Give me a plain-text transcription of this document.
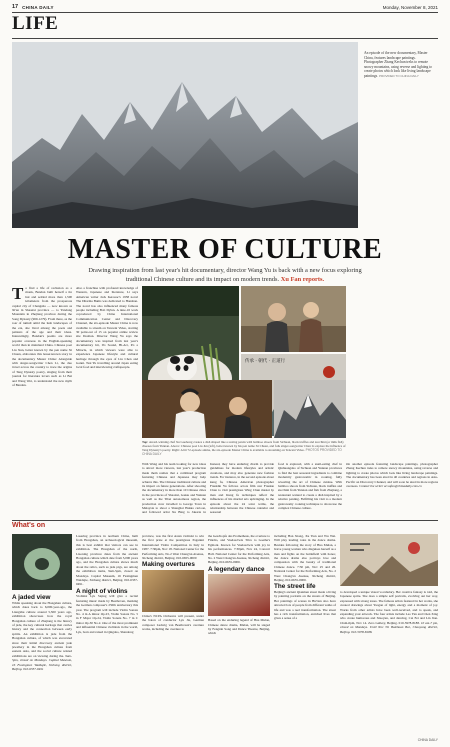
17 CHINA DAILY	Monday, November 8, 2021
LIFE
An episode of the new documentary, Master China, features landscape paintings. Photographer Zhang Kechun treks to remote snowy mountains, using reverse and lighting to create photos which look like living landscape paintings. PROVIDED TO CHINA DAILY
MASTER OF CULTURE
Drawing inspiration from last year's hit documentary, director Wang Yu is back with a new focus exploring traditional Chinese culture and its impact on modern trends. Xu Fan reports.
To find a life of reclusion as a monk, Bandan built herself a tin hut and settled more than 1,500 kilometers from the prosperous capital city of Changsha — now known as Xi'an in Shaanxi province — to Yandang Mountain in Zhejiang province during the Song Dynasty (960-1279). From there, as the roar of tumult amid the lush landscapes of the era, she lived among the poets and painters of the age and their ideas. Interestingly, Bandan's poems are more popular overseas in the English-speaking world than in mainland China. Chinese poet Liu Xun, better known by the pen name Xi Chuan, elaborates this lesser-known story in the documentary Master China: Alongside with singer-songwriter Chen Li, the duo travel across the country to trace the origins of Tang Dynasty poetry, singing from their journal for literature lovers such as Li Bai and Wang Wei, to understand the new myth of Bandan.
Also a franchise with profound knowledge of Western, Japanese and literature, Li says American writer Jack Kerouac's 1958 novel The Dharma Bums was dedicated to Hanshan. The novel has also influenced many famous people including Bob Dylan. A nine-16 work coproduced by China International Communication Center and Discovery Channel, the six-episode Master China is now available to stream on Tencent Video, starting 30 point-out of 15 on popular online review site Douban. Director Wang Yu says the documentary was inspired from last year's documentary hit, It's Sound, Hi-Art, It's a Miracle, in which viewers were able to experience Japanese lifestyle and cultural heritage through the eyes of Liu Chen and Ganni. Tsai Yu travelling around Japan eating local food and interviewing craftspeople.
传承 · 朝代 · 正道行
Top: Award-winning chef Xu Guohong creates a dish shaped like a resting panda with bamboo shoots from Sichuan, black truffles and zucchini (or milk fish) cheeses from Yunnan. Above: Chinese poet Liu Jun (left), better known by his pen name Xi Chuan, and folk singer-songwriter Chen Li explore the influence of Tang Dynasty's poetry. Right: A hit 72-episode anime, the six-episode Master China is available to streaming on Tencent Video. PHOTOS PROVIDED TO CHINA DAILY
With Wang and his team looking for new ideas to attract more viewers, last year's production made them realize that a combined program featuring Chinese and Japanese may help achieve this. The Chinese traditional culture and its impact on future generations. After shooting the documentary in more than 10 Chinese cities in the provinces of Shaanxi, Gansu and Yunnan as well as the Tibet autonomous region, the production crew travelled to George Town in Malaysia to shoot a Shanghai Hakka cartoon, and followed artist Xu Bing to Jakarta in
Instead, they have enduring charm to provide guidelines for modern lifestyles and artistic creations, and may also generate new fashion trends. For instance, in the second episode about kung fu, Chinese American photographer Franklin Yu follows actors film star Frankie Chan to visit prestigious Wing Chun master Ip man and Kung fu techniques reflect the influences of his martial arts upbringing. In the episode about the 24 solar terms, the relationship between the Chinese calendar and seasonal
food is explored, with a snail-eating chef in Qinhuangdao of Sichuan and Yunnan provinces to find the best seasonal ingredients to combine modernity gastronomic in cooking, fully revealing the art of Chinese cuisine. With bamboo shoots from Sichuan, black truffles and zucchini from Yunnan and fish from Zhejiang, a restaurant wanted to create a dish inspired by a relative panting. Fulfilling his visit to a modern gastronomy cooking technique to showcase the complex Chinese culture.
On another episode featuring landscape paintings, photographer Zhang Kechun treks to remote snowy mountains, using reverse and lighting to create photos which look like living landscape paintings. The documentary has been aired in 40 countries and regions in Asia-Pacific on Discovery Channel, and will soon be aired in more regions overseas. Contact the writer at xufan@chinadaily.com.cn
What's on
A jaded view
While speaking about the Hongshan culture, which dates back to 6,000-year-ago, the Liangzhu culture around 5,300 years ago, exhibition showcases how the royal Hongshan culture of Zhejiang is the history of jade, the key cultural heritage that carries history and the connection between early spirits. An exhibition is jade from the Hongshan culture, of which was excavated since their initial discovery ancient jade jewellery in the Hongshan culture from eastern Asia, and the social culture related exhibitions are on viewing during the. 9am-5pm, closed on Mondays. Capital Museum, 16 Fuxingmen Waidajie, Xicheng district, Beijing. 010-6337-0491
Lasering province in northern China, built from Hongshan, an archaeological museum, this is best exhibit that visitors can see in exhibition. The Hongshan of the north, Liaoning province dates from the ancient Hongshan culture which date from 5,000 years ago, and the Hongshan culture shows much about the relics, such as jade pigs, are among the exhibition items, 9am-5pm, closed on Mondays. Capital Museum, 16 Fuxingmen Waidajie, Xicheng district, Beijing. 010-6337-0491.
A night of violins
Violinist Lyu Siqing will give a recital featuring music made by Beethoven, marking the German composer's 250th anniversary this year. The program will include Violin Sonata No. 4 in A minor Op.23, Violin Sonata No. 5 in F Major Op.24, Violin Sonata No. 7 in C minor Op.30 No.2. One of the most prominent and influential Chinese violinists in the world, Lyu, born and raised in Qingdao, Shandong
province, was the first Asian violinist to win the first prize at the prestigious Paganini International Violin Competition in Italy in 1987. 7:30pm, Nov 18. National Center for the Performing Arts, No.2 West Chang'an Avenue, Xicheng district, Beijing. 010-6655-0000
Making overtures
China's NCPA Orchestra will present, under the baton of conductor Lyu Jia, German composer Ludwig van Beethoven's overture works, including the overture to
the Geschopfe des Prometheus, the overture to Fidelio, and Vuelasciwis Tilca to Goethe's Egmont. Known for Vuelasciwis with joy in his performances. 7:30pm, Nov 24, Concert Hall. National Center for the Performing Arts, No. 2 West Chang'an Avenue, Xicheng district, Beijing. 010-6655-0000.
A legendary dance
Based on the enduring legend of Hua Mulan, Chinese dance drama, Mulan, will be staged by Fengxin Song and Dance Theatre, Beijing, which
including Han Xiong, Xu Tian and Wu Wei. Will play leading roles in the dance drama. Besides following the story of Hua Mulan, a brave young woman who disguises herself as a man and fights on the battlefield with honor, the dance drama also portrays love and compassion with the beauty of traditional Chinese dance. 7:30 pm, Nov 25 and 26. National Center for the Performing Arts, No. 2 West Chang'an Avenue, Xicheng district, Beijing. 010-6655-0000.
The street life
Beijing's ancient Qianmen street made a living by painting portraits on the streets of Beijing. Her paintings of scenes in Hu'tian also have attracted lots of people from different walks of life and was a reel transformation. The street has a rich transformation, enriched lives that gives a sense of a
to developed a unique visual vocabulary. Her creative fantasy is told, the Japanese sprite. She does a simple self portraits, evolving out her way, expressed with strong tones. The famous artists featured in her works, she created drawings about Yaogan of light, energy and a moment of joy. Works from other artists have been well-received, and to speak, and expanding your artwork. The four artists include Leo Yan and Chen Xing who create humorous and Xiaoyun, and dancing, Cai Fei and Lin Jian. 10am-6pm, Nov 14. Zero Gallery, Beijing. 010-5978-8188. 10 am-7 pm, closed on Mondays. Until Nov 30. Baizhuan Bee, Chaoyang district, Beijing. 010-5978-8188.
CHINA DAILY
